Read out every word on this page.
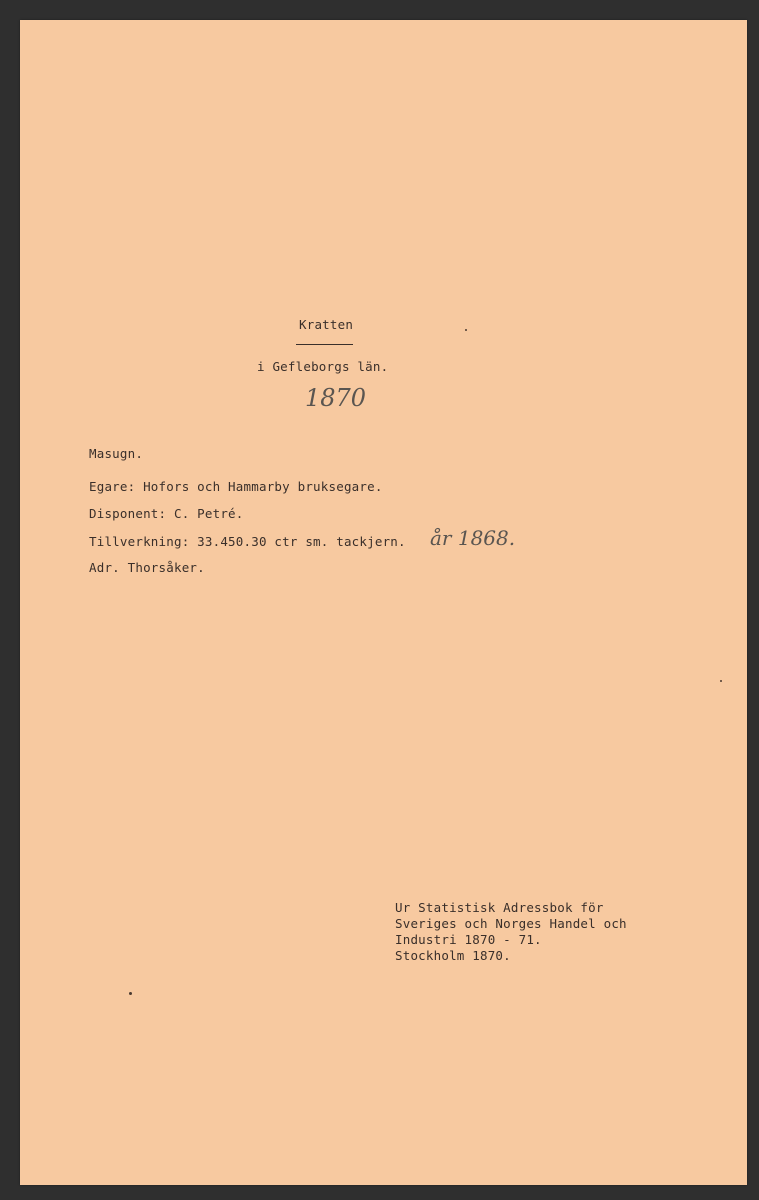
Kratten
i Gefleborgs län.
1870
Masugn.
Egare: Hofors och Hammarby bruksegare.
Disponent: C. Petré.
Tillverkning: 33.450.30 ctr sm. tackjern. år 1868.
Adr. Thorsåker.
Ur Statistisk Adressbok för
Sveriges och Norges Handel och
Industri 1870 - 71.
Stockholm 1870.
